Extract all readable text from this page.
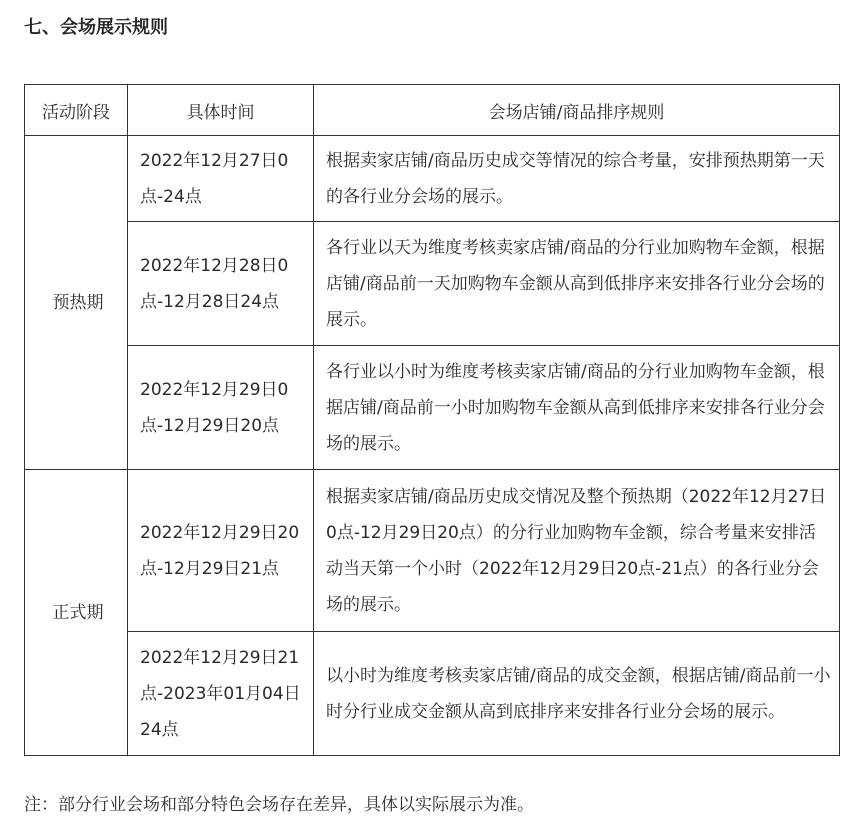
七、会场展示规则
活动阶段	具体时间	会场店铺/商品排序规则
预热期	2022年12月27日0点-24点	根据卖家店铺/商品历史成交等情况的综合考量，安排预热期第一天的各行业分会场的展示。
	2022年12月28日0点-12月28日24点	各行业以天为维度考核卖家店铺/商品的分行业加购物车金额，根据店铺/商品前一天加购物车金额从高到低排序来安排各行业分会场的展示。
	2022年12月29日0点-12月29日20点	各行业以小时为维度考核卖家店铺/商品的分行业加购物车金额，根据店铺/商品前一小时加购物车金额从高到低排序来安排各行业分会场的展示。
正式期	2022年12月29日20点-12月29日21点	根据卖家店铺/商品历史成交情况及整个预热期（2022年12月27日0点-12月29日20点）的分行业加购物车金额，综合考量来安排活动当天第一个小时（2022年12月29日20点-21点）的各行业分会场的展示。
	2022年12月29日21点-2023年01月04日24点	以小时为维度考核卖家店铺/商品的成交金额，根据店铺/商品前一小时分行业成交金额从高到底排序来安排各行业分会场的展示。
注：部分行业会场和部分特色会场存在差异，具体以实际展示为准。
